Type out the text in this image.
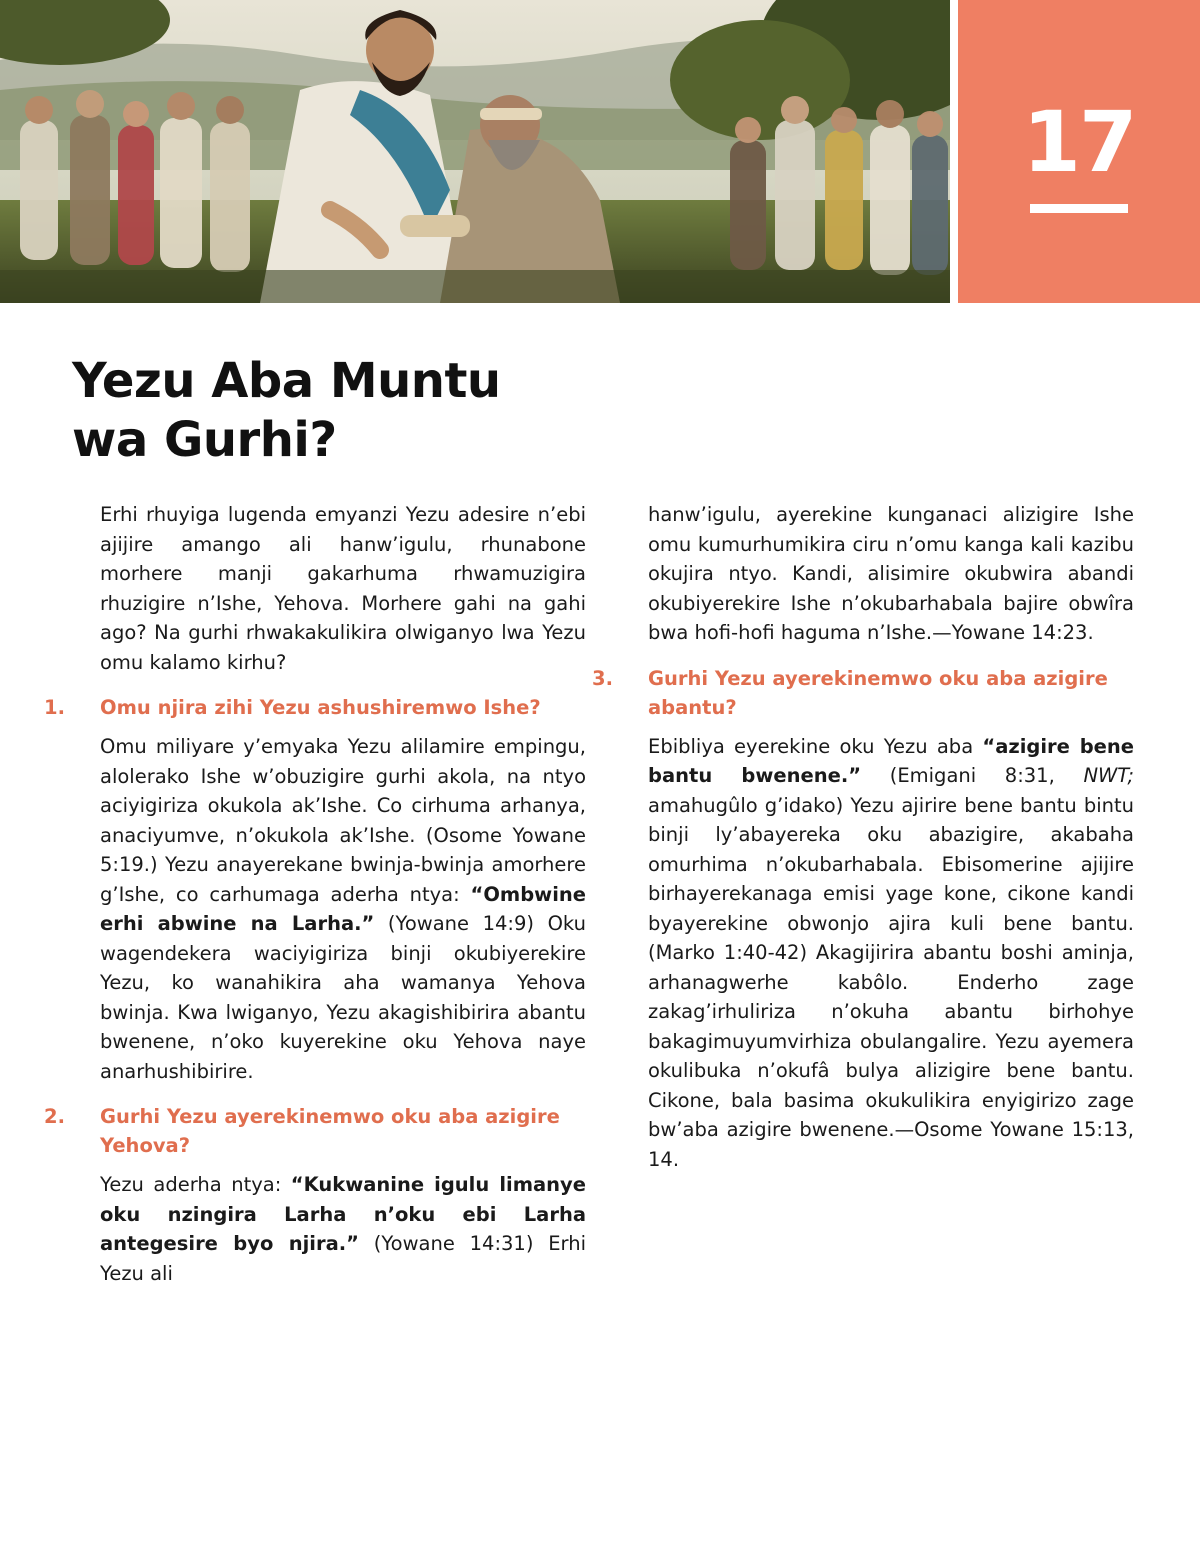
17
Yezu Aba Muntu
wa Gurhi?

Erhi rhuyiga lugenda emyanzi Yezu adesire n’ebi ajijire amango ali hanw’igulu, rhunabone morhere manji gakarhuma rhwamuzigira rhuzigire n’Ishe, Yehova. Morhere gahi na gahi ago? Na gurhi rhwakakulikira olwiganyo lwa Yezu omu kalamo kirhu?

1. Omu njira zihi Yezu ashushiremwo Ishe?

Omu miliyare y’emyaka Yezu alilamire empingu, alolerako Ishe w’obuzigire gurhi akola, na ntyo aciyigiriza okukola ak’Ishe. Co cirhuma arhanya, anaciyumve, n’okukola ak’Ishe. (Osome Yowane 5:19.) Yezu anayerekane bwinja-bwinja amorhere g’Ishe, co carhumaga aderha ntya: “Ombwine erhi abwine na Larha.” (Yowane 14:9) Oku wagendekera waciyigiriza binji okubiyerekire Yezu, ko wanahikira aha wamanya Yehova bwinja. Kwa lwiganyo, Yezu akagishibirira abantu bwenene, n’oko kuyerekine oku Yehova naye anarhushibirire.

2. Gurhi Yezu ayerekinemwo oku aba azigire Yehova?

Yezu aderha ntya: “Kukwanine igulu limanye oku nzingira Larha n’oku ebi Larha antegesire byo njira.” (Yowane 14:31) Erhi Yezu ali

hanw’igulu, ayerekine kunganaci alizigire Ishe omu kumurhumikira ciru n’omu kanga kali kazibu okujira ntyo. Kandi, alisimire okubwira abandi okubiyerekire Ishe n’okubarhabala bajire obwîra bwa hofi-hofi haguma n’Ishe.—Yowane 14:23.

3. Gurhi Yezu ayerekinemwo oku aba azigire abantu?

Ebibliya eyerekine oku Yezu aba “azigire bene bantu bwenene.” (Emigani 8:31, NWT; amahugûlo g’idako) Yezu ajirire bene bantu bintu binji ly’abayereka oku abazigire, akabaha omurhima n’okubarhabala. Ebisomerine ajijire birhayerekanaga emisi yage kone, cikone kandi byayerekine obwonjo ajira kuli bene bantu. (Marko 1:40-42) Akagijirira abantu boshi aminja, arhanagwerhe kabôlo. Enderho zage zakag’irhuliriza n’okuha abantu birhohye bakagimuyumvirhiza obulangalire. Yezu ayemera okulibuka n’okufâ bulya alizigire bene bantu. Cikone, bala basima okukulikira enyigirizo zage bw’aba azigire bwenene.—Osome Yowane 15:13, 14.
